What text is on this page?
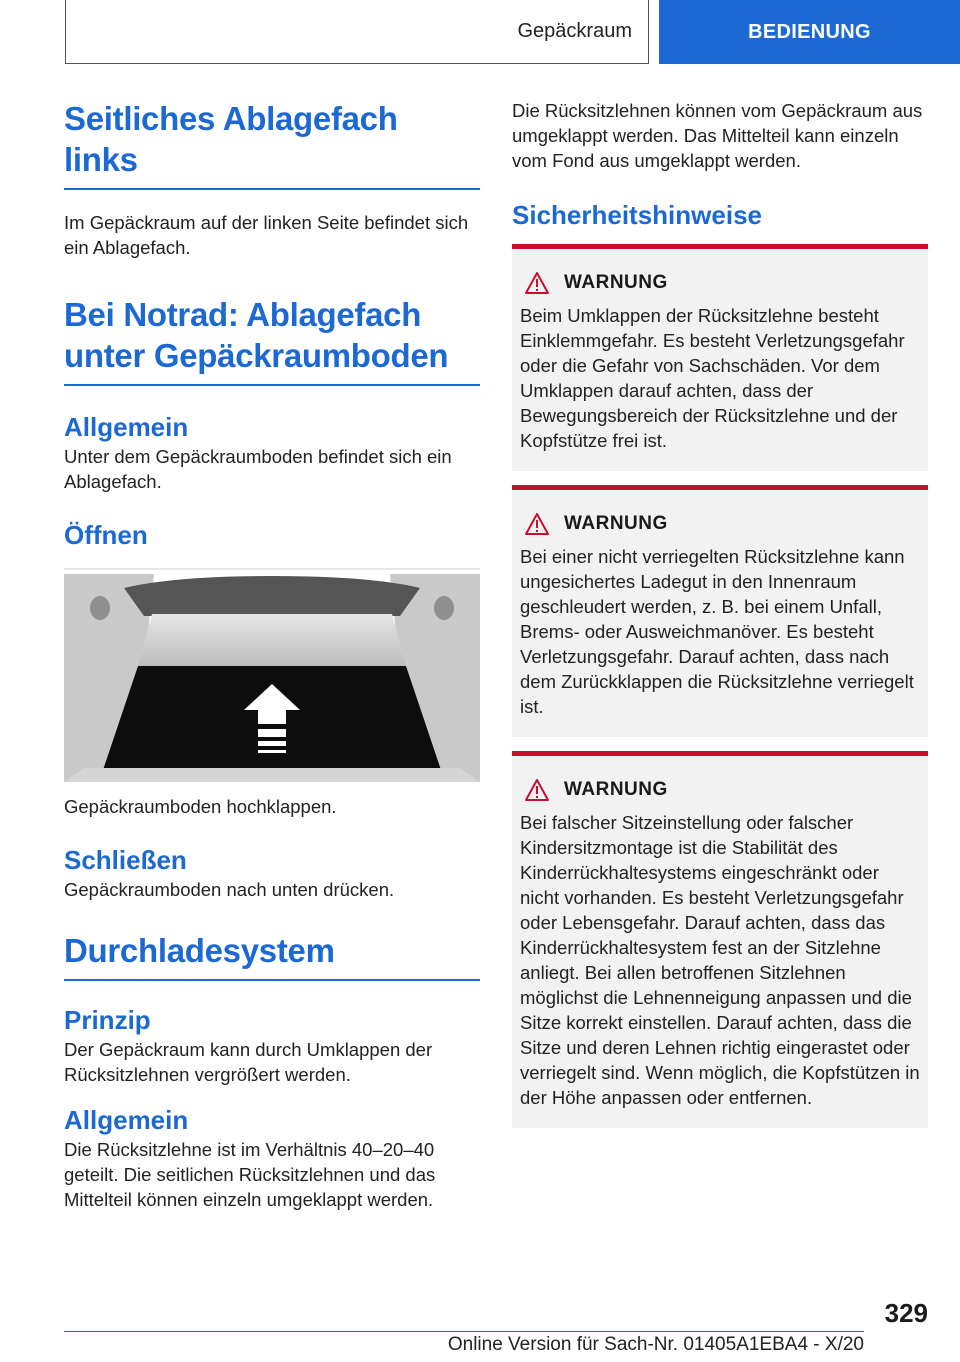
Gepäckraum	BEDIENUNG
Seitliches Ablagefach links

Im Gepäckraum auf der linken Seite befindet sich ein Ablagefach.

Bei Notrad: Ablagefach unter Gepäckraumboden
Allgemein

Unter dem Gepäckraumboden befindet sich ein Ablagefach.

Öffnen

Gepäckraumboden hochklappen.

Schließen

Gepäckraumboden nach unten drücken.

Durchladesystem
Prinzip

Der Gepäckraum kann durch Umklappen der Rücksitzlehnen vergrößert werden.

Allgemein

Die Rücksitzlehne ist im Verhältnis 40–20–40 geteilt. Die seitlichen Rücksitzlehnen und das Mittelteil können einzeln umgeklappt werden.

Die Rücksitzlehnen können vom Gepäckraum aus umgeklappt werden. Das Mittelteil kann einzeln vom Fond aus umgeklappt werden.

Sicherheitshinweise
WARNUNG

Beim Umklappen der Rücksitzlehne besteht Einklemmgefahr. Es besteht Verletzungsgefahr oder die Gefahr von Sachschäden. Vor dem Umklappen darauf achten, dass der Bewegungsbereich der Rücksitzlehne und der Kopfstütze frei ist.

WARNUNG

Bei einer nicht verriegelten Rücksitzlehne kann ungesichertes Ladegut in den Innenraum geschleudert werden, z. B. bei einem Unfall, Brems- oder Ausweichmanöver. Es besteht Verletzungsgefahr. Darauf achten, dass nach dem Zurückklappen die Rücksitzlehne verriegelt ist.

WARNUNG

Bei falscher Sitzeinstellung oder falscher Kindersitzmontage ist die Stabilität des Kinderrückhaltesystems eingeschränkt oder nicht vorhanden. Es besteht Verletzungsgefahr oder Lebensgefahr. Darauf achten, dass das Kinderrückhaltesystem fest an der Sitzlehne anliegt. Bei allen betroffenen Sitzlehnen möglichst die Lehnenneigung anpassen und die Sitze korrekt einstellen. Darauf achten, dass die Sitze und deren Lehnen richtig eingerastet oder verriegelt sind. Wenn möglich, die Kopfstützen in der Höhe anpassen oder entfernen.

329
Online Version für Sach-Nr. 01405A1EBA4 - X/20
